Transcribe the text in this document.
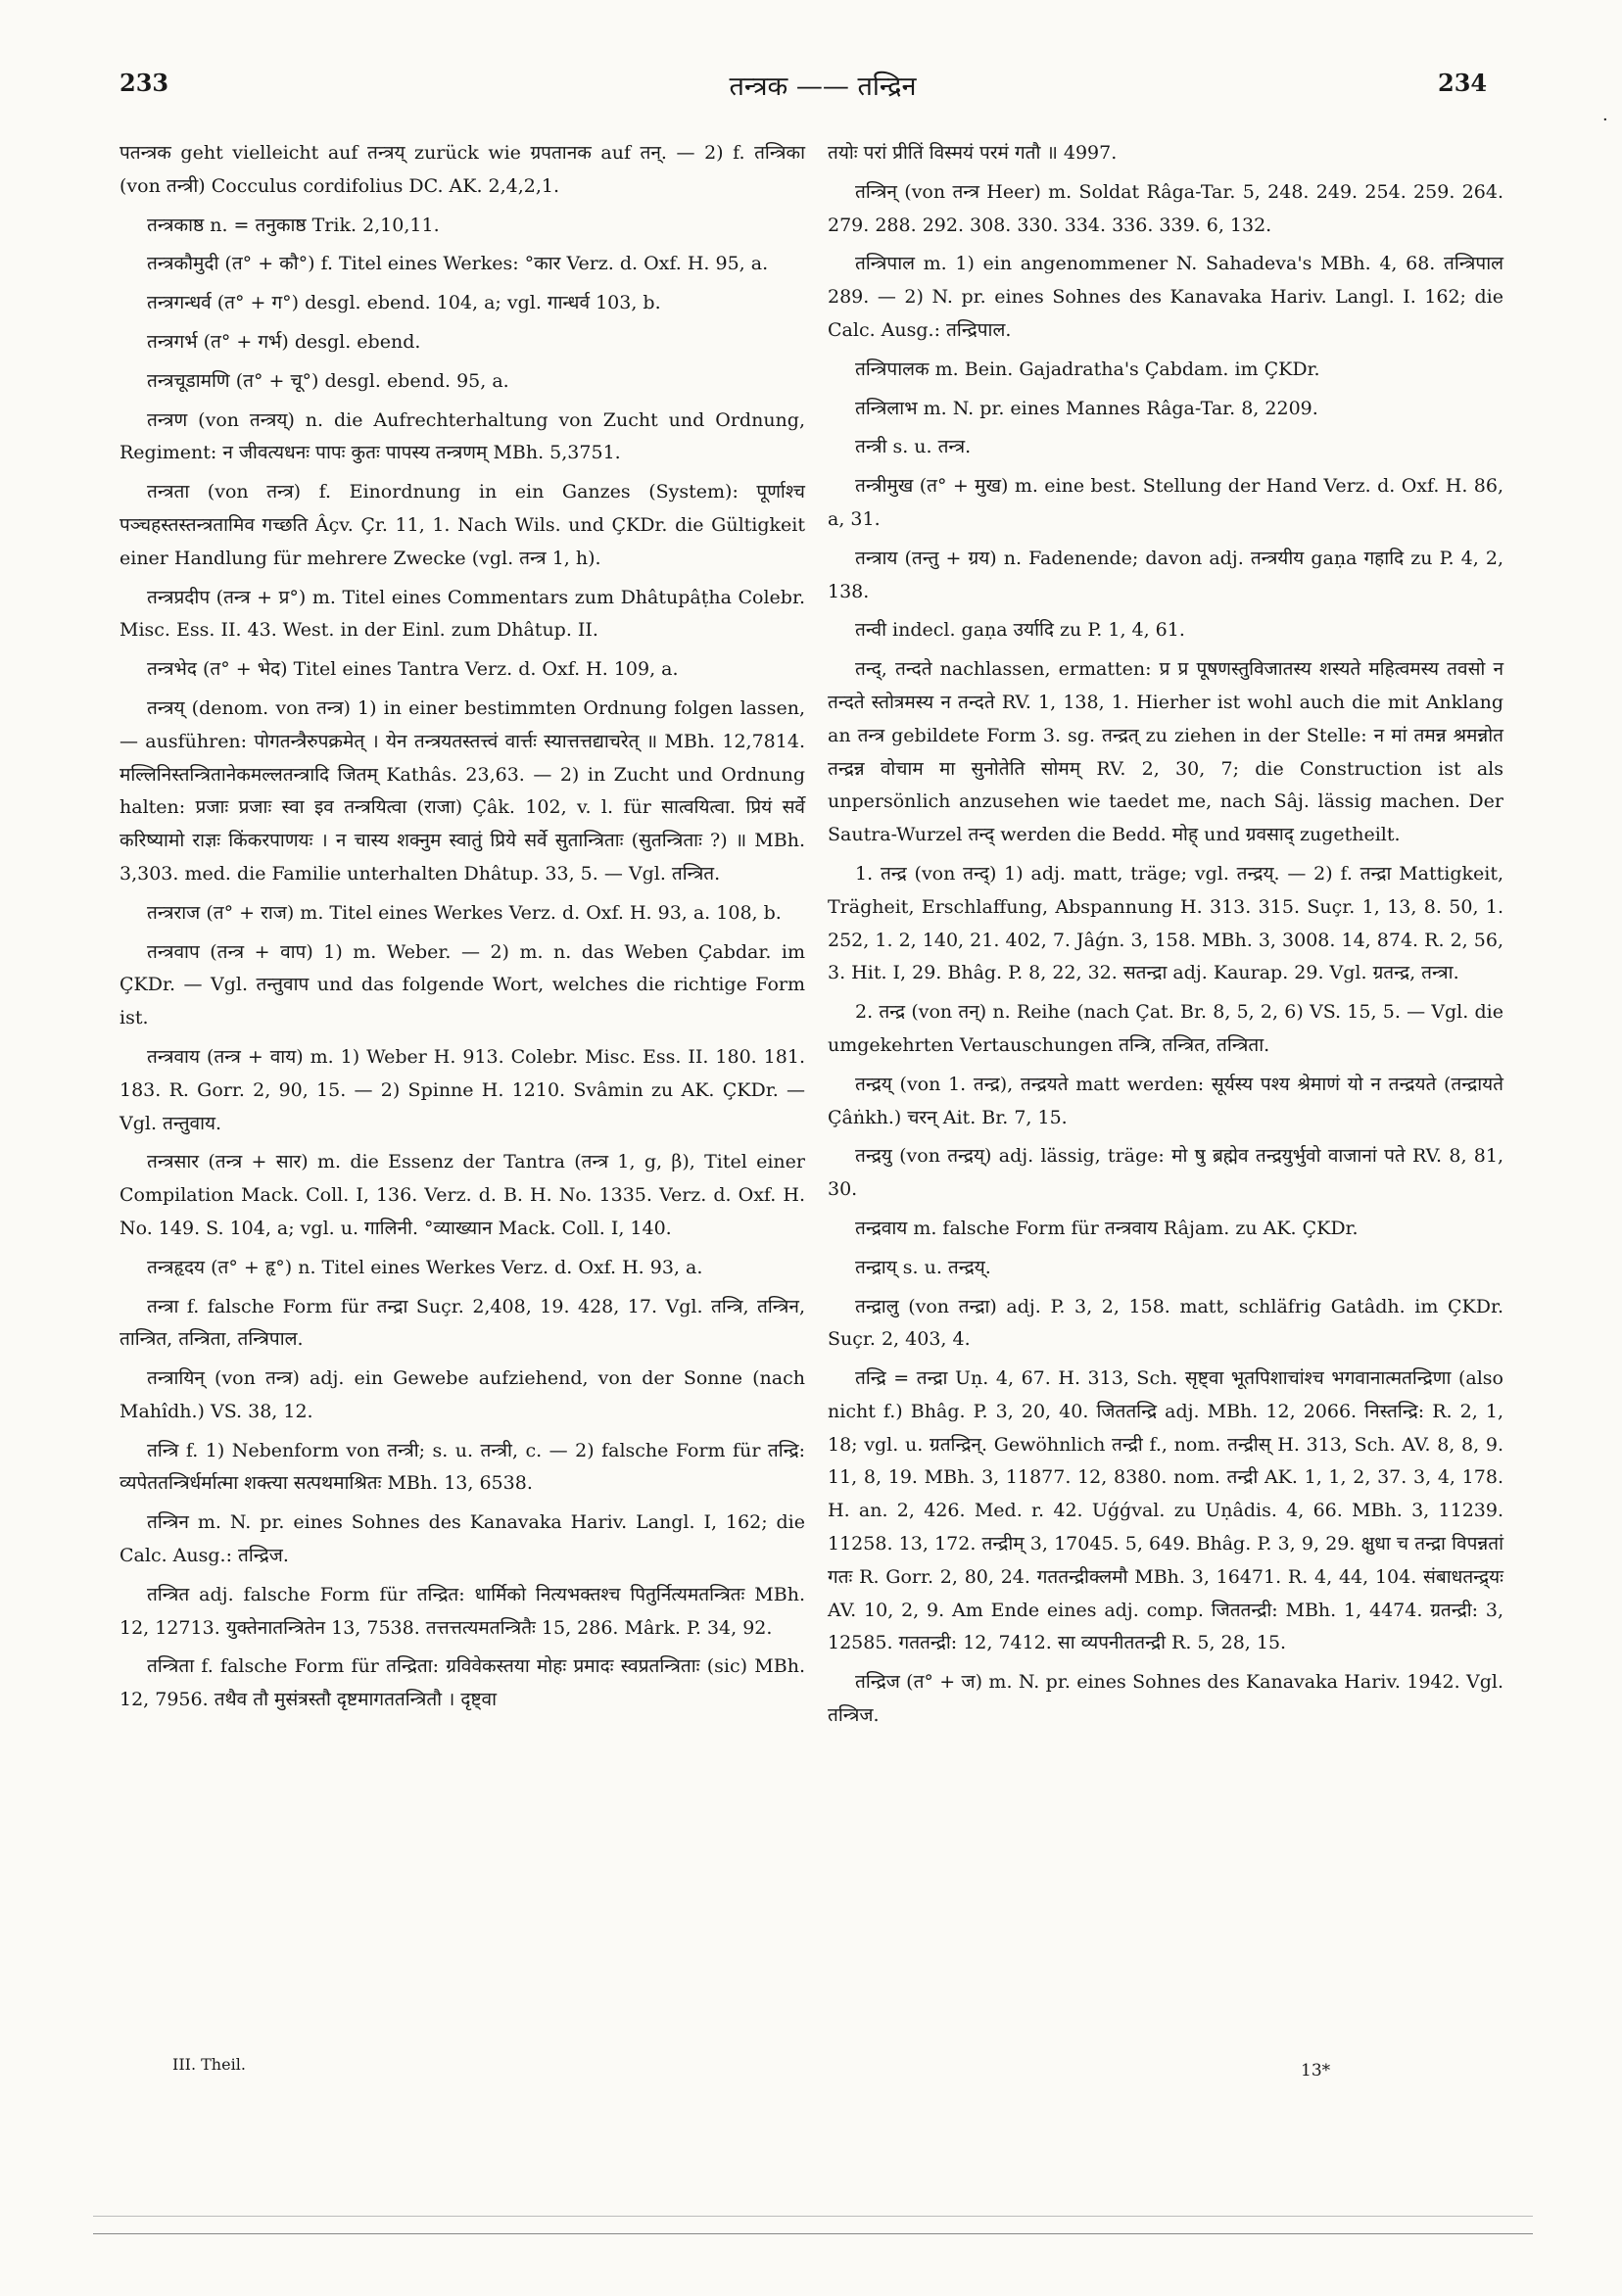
233	तन्त्रक —— तन्द्रिन	234
·

पतन्त्रक geht vielleicht auf तन्त्रय् zurück wie ग्रपतानक auf तन्. — 2) f. तन्त्रिका (von तन्त्री) Cocculus cordifolius DC. AK. 2,4,2,1.

तन्त्रकाष्ठ n. = तनुकाष्ठ Trik. 2,10,11.

तन्त्रकौमुदी (त° + कौ°) f. Titel eines Werkes: °कार Verz. d. Oxf. H. 95, a.

तन्त्रगन्धर्व (त° + ग°) desgl. ebend. 104, a; vgl. गान्धर्व 103, b.

तन्त्रगर्भ (त° + गर्भ) desgl. ebend.

तन्त्रचूडामणि (त° + चू°) desgl. ebend. 95, a.

तन्त्रण (von तन्त्रय्) n. die Aufrechterhaltung von Zucht und Ordnung, Regiment: न जीवत्यधनः पापः कुतः पापस्य तन्त्रणम् MBh. 5,3751.

तन्त्रता (von तन्त्र) f. Einordnung in ein Ganzes (System): पूर्णाश्च पञ्चहस्तस्तन्त्रतामिव गच्छति Âçv. Çr. 11, 1. Nach Wils. und ÇKDr. die Gültigkeit einer Handlung für mehrere Zwecke (vgl. तन्त्र 1, h).

तन्त्रप्रदीप (तन्त्र + प्र°) m. Titel eines Commentars zum Dhâtupâṭha Colebr. Misc. Ess. II. 43. West. in der Einl. zum Dhâtup. II.

तन्त्रभेद (त° + भेद) Titel eines Tantra Verz. d. Oxf. H. 109, a.

तन्त्रय् (denom. von तन्त्र) 1) in einer bestimmten Ordnung folgen lassen, — ausführen: पोगतन्त्रैरुपक्रमेत् । येन तन्त्रयतस्तत्त्वं वार्त्तः स्यात्तत्तद्याचरेत् ॥ MBh. 12,7814. मल्लिनिस्तन्त्रितानेकमल्लतन्त्रादि जितम् Kathâs. 23,63. — 2) in Zucht und Ordnung halten: प्रजाः प्रजाः स्वा इव तन्त्रयित्वा (राजा) Çâk. 102, v. l. für सात्वयित्वा. प्रियं सर्वे करिष्यामो राज्ञः किंकरपाणयः । न चास्य शक्नुम स्वातुं प्रिये सर्वे सुतान्त्रिताः (सुतन्त्रिताः ?) ॥ MBh. 3,303. med. die Familie unterhalten Dhâtup. 33, 5. — Vgl. तन्त्रित.

तन्त्रराज (त° + राज) m. Titel eines Werkes Verz. d. Oxf. H. 93, a. 108, b.

तन्त्रवाप (तन्त्र + वाप) 1) m. Weber. — 2) m. n. das Weben Çabdar. im ÇKDr. — Vgl. तन्तुवाप und das folgende Wort, welches die richtige Form ist.

तन्त्रवाय (तन्त्र + वाय) m. 1) Weber H. 913. Colebr. Misc. Ess. II. 180. 181. 183. R. Gorr. 2, 90, 15. — 2) Spinne H. 1210. Svâmin zu AK. ÇKDr. — Vgl. तन्तुवाय.

तन्त्रसार (तन्त्र + सार) m. die Essenz der Tantra (तन्त्र 1, g, β), Titel einer Compilation Mack. Coll. I, 136. Verz. d. B. H. No. 1335. Verz. d. Oxf. H. No. 149. S. 104, a; vgl. u. गालिनी. °व्याख्यान Mack. Coll. I, 140.

तन्त्रहृदय (त° + हृ°) n. Titel eines Werkes Verz. d. Oxf. H. 93, a.

तन्त्रा f. falsche Form für तन्द्रा Suçr. 2,408, 19. 428, 17. Vgl. तन्त्रि, तन्त्रिन, तान्त्रित, तन्त्रिता, तन्त्रिपाल.

तन्त्रायिन् (von तन्त्र) adj. ein Gewebe aufziehend, von der Sonne (nach Mahîdh.) VS. 38, 12.

तन्त्रि f. 1) Nebenform von तन्त्री; s. u. तन्त्री, c. — 2) falsche Form für तन्द्रि: व्यपेततन्त्रिर्धर्मात्मा शक्त्या सत्पथमाश्रितः MBh. 13, 6538.

तन्त्रिन m. N. pr. eines Sohnes des Kanavaka Hariv. Langl. I, 162; die Calc. Ausg.: तन्द्रिज.

तन्त्रित adj. falsche Form für तन्द्रित: धार्मिको नित्यभक्तश्च पितुर्नित्यमतन्त्रितः MBh. 12, 12713. युक्तेनातन्त्रितेन 13, 7538. तत्तत्तत्यमतन्त्रितैः 15, 286. Mârk. P. 34, 92.

तन्त्रिता f. falsche Form für तन्द्रिता: ग्रविवेकस्तया मोहः प्रमादः स्वप्रतन्त्रिताः (sic) MBh. 12, 7956. तथैव तौ मुसंत्रस्तौ दृष्टमागततन्त्रितौ । दृष्ट्वा

तयोः परां प्रीतिं विस्मयं परमं गतौ ॥ 4997.

तन्त्रिन् (von तन्त्र Heer) m. Soldat Râga-Tar. 5, 248. 249. 254. 259. 264. 279. 288. 292. 308. 330. 334. 336. 339. 6, 132.

तन्त्रिपाल m. 1) ein angenommener N. Sahadeva's MBh. 4, 68. तन्त्रिपाल 289. — 2) N. pr. eines Sohnes des Kanavaka Hariv. Langl. I. 162; die Calc. Ausg.: तन्द्रिपाल.

तन्त्रिपालक m. Bein. Gajadratha's Çabdam. im ÇKDr.

तन्त्रिलाभ m. N. pr. eines Mannes Râga-Tar. 8, 2209.

तन्त्री s. u. तन्त्र.

तन्त्रीमुख (त° + मुख) m. eine best. Stellung der Hand Verz. d. Oxf. H. 86, a, 31.

तन्त्राय (तन्तु + ग्रय) n. Fadenende; davon adj. तन्त्रयीय gaṇa गहादि zu P. 4, 2, 138.

तन्वी indecl. gaṇa उर्यादि zu P. 1, 4, 61.

तन्द्, तन्दते nachlassen, ermatten: प्र प्र पूषणस्तुविजातस्य शस्यते महित्वमस्य तवसो न तन्दते स्तोत्रमस्य न तन्दते RV. 1, 138, 1. Hierher ist wohl auch die mit Anklang an तन्त्र gebildete Form 3. sg. तन्द्रत् zu ziehen in der Stelle: न मां तमन्न श्रमन्नोत तन्द्रन्न वोचाम मा सुनोतेति सोमम् RV. 2, 30, 7; die Construction ist als unpersönlich anzusehen wie taedet me, nach Sâj. lässig machen. Der Sautra-Wurzel तन्द् werden die Bedd. मोह् und ग्रवसाद् zugetheilt.

1. तन्द्र (von तन्द्) 1) adj. matt, träge; vgl. तन्द्रय्. — 2) f. तन्द्रा Mattigkeit, Trägheit, Erschlaffung, Abspannung H. 313. 315. Suçr. 1, 13, 8. 50, 1. 252, 1. 2, 140, 21. 402, 7. Jâǵn. 3, 158. MBh. 3, 3008. 14, 874. R. 2, 56, 3. Hit. I, 29. Bhâg. P. 8, 22, 32. सतन्द्रा adj. Kaurap. 29. Vgl. ग्रतन्द्र, तन्त्रा.

2. तन्द्र (von तन्) n. Reihe (nach Çat. Br. 8, 5, 2, 6) VS. 15, 5. — Vgl. die umgekehrten Vertauschungen तन्त्रि, तन्त्रित, तन्त्रिता.

तन्द्रय् (von 1. तन्द्र), तन्द्रयते matt werden: सूर्यस्य पश्य श्रेमाणं यो न तन्द्रयते (तन्द्रायते Çâṅkh.) चरन् Ait. Br. 7, 15.

तन्द्रयु (von तन्द्रय्) adj. lässig, träge: मो षु ब्रह्मेव तन्द्रयुर्भुवो वाजानां पते RV. 8, 81, 30.

तन्द्रवाय m. falsche Form für तन्त्रवाय Râjam. zu AK. ÇKDr.

तन्द्राय् s. u. तन्द्रय्.

तन्द्रालु (von तन्द्रा) adj. P. 3, 2, 158. matt, schläfrig Gatâdh. im ÇKDr. Suçr. 2, 403, 4.

तन्द्रि = तन्द्रा Uṇ. 4, 67. H. 313, Sch. सृष्ट्वा भूतपिशाचांश्च भगवानात्मतन्द्रिणा (also nicht f.) Bhâg. P. 3, 20, 40. जिततन्द्रि adj. MBh. 12, 2066. निस्तन्द्रि: R. 2, 1, 18; vgl. u. ग्रतन्द्रिन्. Gewöhnlich तन्द्री f., nom. तन्द्रीस् H. 313, Sch. AV. 8, 8, 9. 11, 8, 19. MBh. 3, 11877. 12, 8380. nom. तन्द्री AK. 1, 1, 2, 37. 3, 4, 178. H. an. 2, 426. Med. r. 42. Uǵǵval. zu Uṇâdis. 4, 66. MBh. 3, 11239. 11258. 13, 172. तन्द्रीम् 3, 17045. 5, 649. Bhâg. P. 3, 9, 29. क्षुधा च तन्द्रा विपन्नतां गतः R. Gorr. 2, 80, 24. गततन्द्रीक्लमौ MBh. 3, 16471. R. 4, 44, 104. संबाधतन्द्र्यः AV. 10, 2, 9. Am Ende eines adj. comp. जिततन्द्री: MBh. 1, 4474. ग्रतन्द्री: 3, 12585. गततन्द्री: 12, 7412. सा व्यपनीततन्द्री R. 5, 28, 15.

तन्द्रिज (त° + ज) m. N. pr. eines Sohnes des Kanavaka Hariv. 1942. Vgl. तन्त्रिज.

III. Theil.	13*
